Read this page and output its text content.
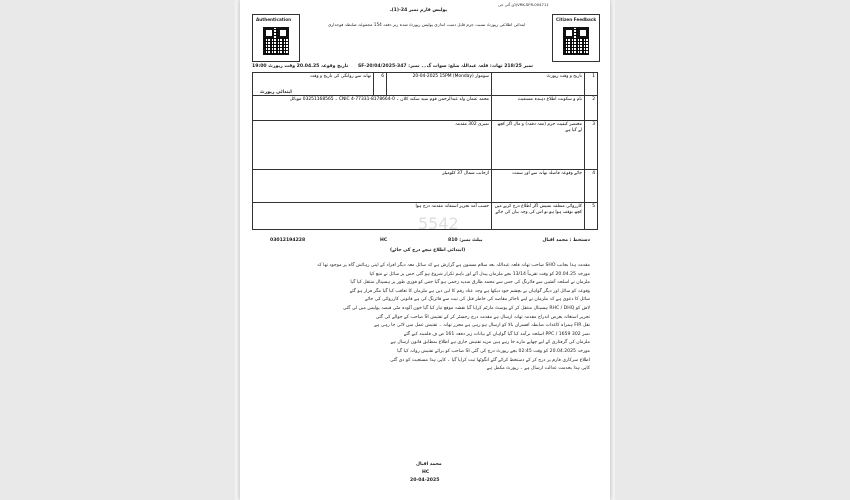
پولیس فارم نمبر 24-(1)ـ
VRK-SFR-004711/ڈی آئی جی
ابتدائی اطلاعی رپورٹ نسبت جرم قابل دست اندازی پولیس رپورٹ شدہ زیر دفعہ 154 مجموعہ ضابطہ فوجداری
Authentication	Citizen Feedback
نمبر 218/25 تھانہ: قلعہ عبداللہ ضلع: سوات گ۔۔ نمبر: SF-20/04/2025-347
تاریخ وقوعہ 20.04.25 وقت رپورٹ 19:00
1	تاریخ و وقت رپورٹ	سوموار (Monday) 20-04-2025 15PM	6	تھانہ سے روانگی کی تاریخ و وقت
2	نام و سکونت اطلاع دہندہ مستغیث	محمد عثمان ولد عبدالرحمن قوم سید سکنہ کلاں ۔ CNIC 4-77331-8178664-0 ۔ 03251168565 موبائل		
3	مختصر کیفیت جرم (معہ دفعہ) و مال اگر کچھ لے گیا ہے	نمبری 302 مقدمہ		
4	جائے وقوعہ فاصلہ تھانہ سے اور سمت	ازجانب شمال 37 کلومیٹر		
5	کارروائی متعلقہ تفتیش اگر اطلاع درج کرنے میں کچھ توقف ہوا ہو تو اس کی وجہ بیان کی جائے	حسب آمد تحریر استغاثہ مقدمہ درج ہوا		
ابتدائی رپورٹ
دستخط : محمد اقبال
بیلٹ نمبر: 810
HC
03012194228
5542
(ابتدائی اطلاع نیچے درج کی جائے)
مقدمہ ہذا بجانب SHO صاحب تھانہ قلعہ عبداللہ بعد سلام مسنون ہے گزارش ہے کہ سائل معہ دیگر افراد کے اپنی رہائش گاہ پر موجود تھا کہ
مورخہ 20.04.25 کو وقت تقریباً 13/14 بجے ملزمان پیدل آئے اور باہم تکرار شروع ہو گئی جس پر سائل نے منع کیا
ملزمان نے اسلحہ آتشیں سے فائرنگ کی جس سے محمد طارق شدید زخمی ہو گیا جس کو فوری طور پر ہسپتال منتقل کیا گیا
وقوعہ کو سائل اور دیگر گواہان نے بچشم خود دیکھا ہے وجہ عناد رقم کا لین دین ہے ملزمان کا تعاقب کیا گیا مگر فرار ہو گئے
سائل کا دعوی ہے کہ ملزمان نے اپنے ناجائز مقاصد کی خاطر قتل کی نیت سے فائرنگ کی ہے قانونی کارروائی کی جائے
لاش کو RHC / DHQ ہسپتال منتقل کر کے پوسٹ مارٹم کرایا گیا نقشہ موقع تیار کیا گیا خون آلودہ مٹی قبضہ پولیس میں لی گئی
تحریر استغاثہ بغرض اندراج مقدمہ تھانہ ارسال ہے مقدمہ درج رجسٹر کر کے تفتیش SI صاحب کے حوالے کی گئی
نقل FIR ہمراہ کاغذات ضابطہ افسران بالا کو ارسال ہو رہی ہے محرر تھانہ ۔ تفتیش عمل میں لائی جا رہی ہے
نمبر 302 PPC / 1659 اسلحہ برآمد کیا گیا گواہان کے بیانات زیر دفعہ 161 ض ف قلمبند کیے گئے
ملزمان کی گرفتاری کے لیے چھاپے مارے جا رہے ہیں مزید تفتیش جاری ہے اطلاع بمطابق قانون ارسال ہے
مورخہ 20.04.2025 کو وقت 02:45 بجے رپورٹ درج کی گئی SI صاحب کو برائے تفتیش روانہ کیا گیا
اطلاع سرکاری فارم پر درج کر کے دستخط کرائے گئے انگوٹھا ثبت کرایا گیا ۔ کاپی ہذا مستغیث کو دی گئی
کاپی ہذا بخدمت عدالت ارسال ہے ۔ رپورٹ مکمل ہے
محمد اقبال
HC
20-04-2025
